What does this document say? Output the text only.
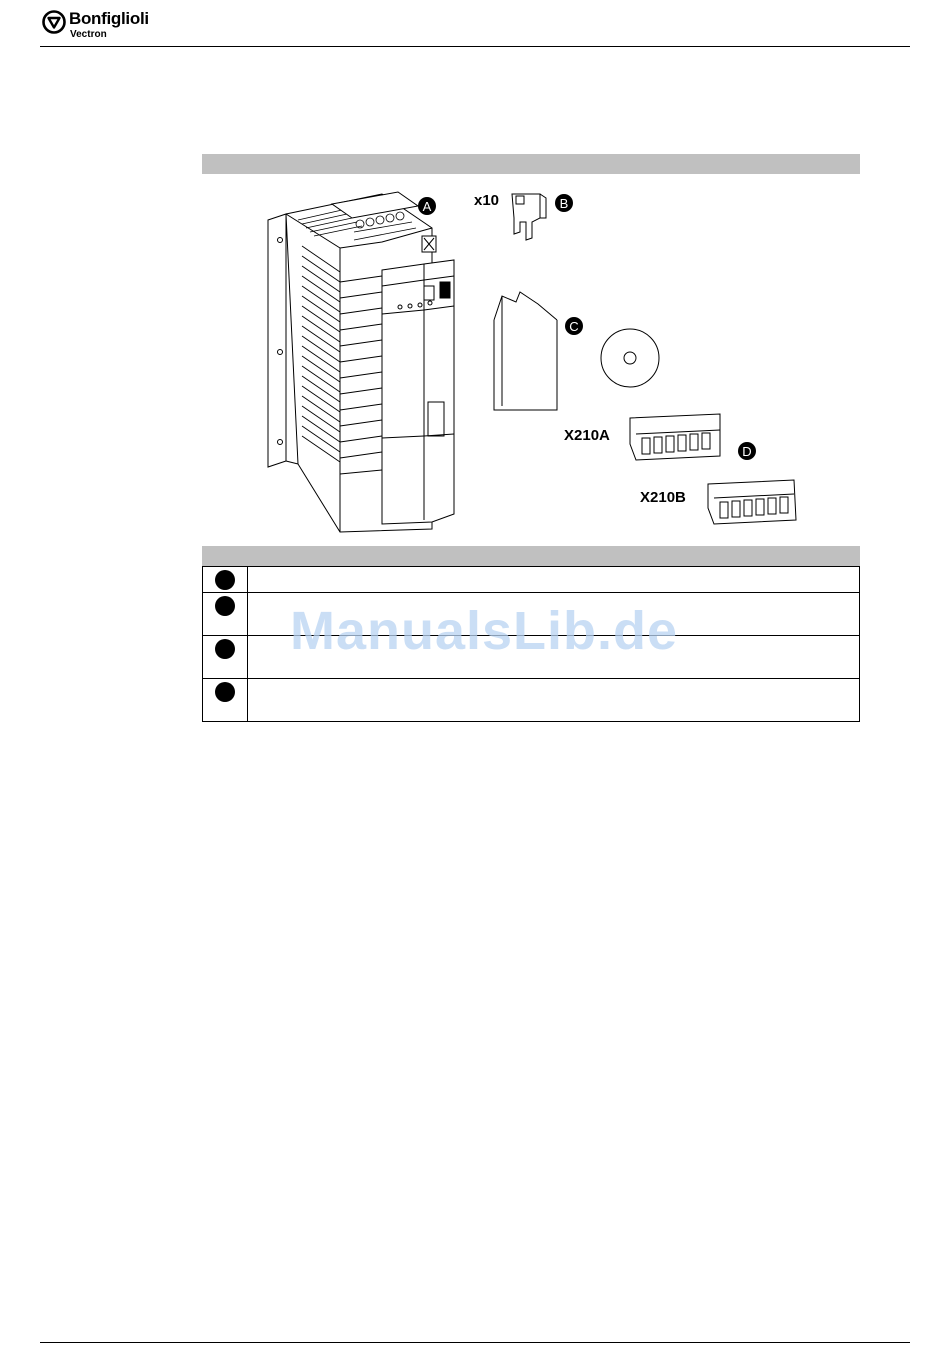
Bonfiglioli
Vectron
A	x10	B
C
X210A
D
X210B
ManualsLib.de
